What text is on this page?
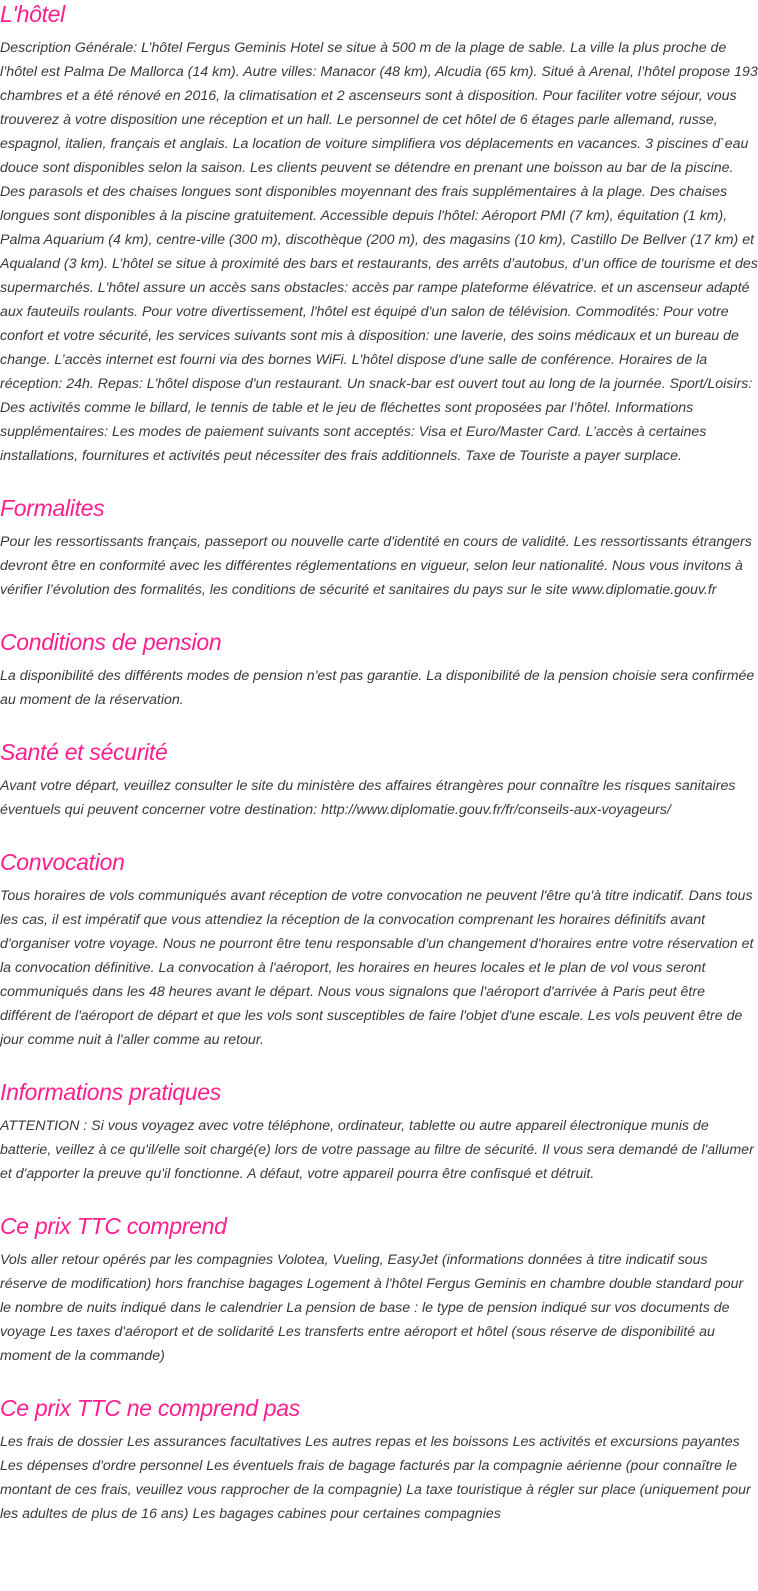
L'hôtel

Description Générale: L’hôtel Fergus Geminis Hotel se situe à 500 m de la plage de sable. La ville la plus proche de l’hôtel est Palma De Mallorca (14 km). Autre villes: Manacor (48 km), Alcudia (65 km). Situé à Arenal, l’hôtel propose 193 chambres et a été rénové en 2016, la climatisation et 2 ascenseurs sont à disposition. Pour faciliter votre séjour, vous trouverez à votre disposition une réception et un hall. Le personnel de cet hôtel de 6 étages parle allemand, russe, espagnol, italien, français et anglais. La location de voiture simplifiera vos déplacements en vacances. 3 piscines d`eau douce sont disponibles selon la saison. Les clients peuvent se détendre en prenant une boisson au bar de la piscine. Des parasols et des chaises longues sont disponibles moyennant des frais supplémentaires à la plage. Des chaises longues sont disponibles à la piscine gratuitement. Accessible depuis l'hôtel: Aéroport PMI (7 km), équitation (1 km), Palma Aquarium (4 km), centre-ville (300 m), discothèque (200 m), des magasins (10 km), Castillo De Bellver (17 km) et Aqualand (3 km). L’hôtel se situe à proximité des bars et restaurants, des arrêts d’autobus, d’un office de tourisme et des supermarchés. L'hôtel assure un accès sans obstacles: accès par rampe plateforme élévatrice. et un ascenseur adapté aux fauteuils roulants. Pour votre divertissement, l'hôtel est équipé d'un salon de télévision. Commodités: Pour votre confort et votre sécurité, les services suivants sont mis à disposition: une laverie, des soins médicaux et un bureau de change. L’accès internet est fourni via des bornes WiFi. L'hôtel dispose d'une salle de conférence. Horaires de la réception: 24h. Repas: L'hôtel dispose d'un restaurant. Un snack-bar est ouvert tout au long de la journée. Sport/Loisirs: Des activités comme le billard, le tennis de table et le jeu de fléchettes sont proposées par l’hôtel. Informations supplémentaires: Les modes de paiement suivants sont acceptés: Visa et Euro/Master Card. L’accès à certaines installations, fournitures et activités peut nécessiter des frais additionnels. Taxe de Touriste a payer surplace.

Formalites

Pour les ressortissants français, passeport ou nouvelle carte d'identité en cours de validité. Les ressortissants étrangers devront être en conformité avec les différentes réglementations en vigueur, selon leur nationalité. Nous vous invitons à vérifier l’évolution des formalités, les conditions de sécurité et sanitaires du pays sur le site www.diplomatie.gouv.fr

Conditions de pension

La disponibilité des différents modes de pension n'est pas garantie. La disponibilité de la pension choisie sera confirmée au moment de la réservation.

Santé et sécurité

Avant votre départ, veuillez consulter le site du ministère des affaires étrangères pour connaître les risques sanitaires éventuels qui peuvent concerner votre destination: http://www.diplomatie.gouv.fr/fr/conseils-aux-voyageurs/

Convocation

Tous horaires de vols communiqués avant réception de votre convocation ne peuvent l'être qu'à titre indicatif. Dans tous les cas, il est impératif que vous attendiez la réception de la convocation comprenant les horaires définitifs avant d'organiser votre voyage. Nous ne pourront être tenu responsable d'un changement d'horaires entre votre réservation et la convocation définitive. La convocation à l'aéroport, les horaires en heures locales et le plan de vol vous seront communiqués dans les 48 heures avant le départ. Nous vous signalons que l'aéroport d'arrivée à Paris peut être différent de l'aéroport de départ et que les vols sont susceptibles de faire l'objet d'une escale. Les vols peuvent être de jour comme nuit à l'aller comme au retour.

Informations pratiques

ATTENTION : Si vous voyagez avec votre téléphone, ordinateur, tablette ou autre appareil électronique munis de batterie, veillez à ce qu'il/elle soit chargé(e) lors de votre passage au filtre de sécurité. Il vous sera demandé de l'allumer et d'apporter la preuve qu'il fonctionne. A défaut, votre appareil pourra être confisqué et détruit.

Ce prix TTC comprend

Vols aller retour opérés par les compagnies Volotea, Vueling, EasyJet (informations données à titre indicatif sous réserve de modification) hors franchise bagages Logement à l'hôtel Fergus Geminis en chambre double standard pour le nombre de nuits indiqué dans le calendrier La pension de base : le type de pension indiqué sur vos documents de voyage Les taxes d'aéroport et de solidarité Les transferts entre aéroport et hôtel (sous réserve de disponibilité au moment de la commande)

Ce prix TTC ne comprend pas

Les frais de dossier Les assurances facultatives Les autres repas et les boissons Les activités et excursions payantes Les dépenses d'ordre personnel Les éventuels frais de bagage facturés par la compagnie aérienne (pour connaître le montant de ces frais, veuillez vous rapprocher de la compagnie) La taxe touristique à régler sur place (uniquement pour les adultes de plus de 16 ans) Les bagages cabines pour certaines compagnies
